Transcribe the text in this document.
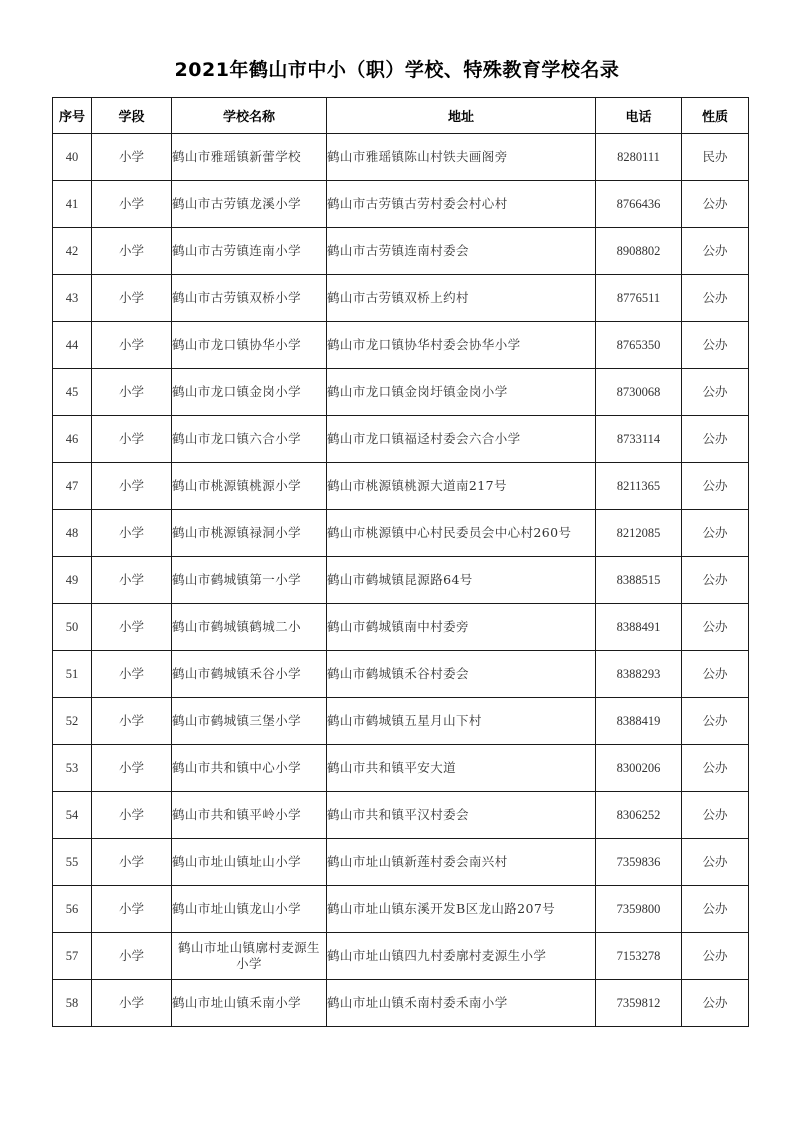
2021年鹤山市中小（职）学校、特殊教育学校名录
序号	学段	学校名称	地址	电话	性质
40	小学	鹤山市雅瑶镇新蕾学校	鹤山市雅瑶镇陈山村铁夫画阁旁	8280111	民办
41	小学	鹤山市古劳镇龙溪小学	鹤山市古劳镇古劳村委会村心村	8766436	公办
42	小学	鹤山市古劳镇连南小学	鹤山市古劳镇连南村委会	8908802	公办
43	小学	鹤山市古劳镇双桥小学	鹤山市古劳镇双桥上约村	8776511	公办
44	小学	鹤山市龙口镇协华小学	鹤山市龙口镇协华村委会协华小学	8765350	公办
45	小学	鹤山市龙口镇金岗小学	鹤山市龙口镇金岗圩镇金岗小学	8730068	公办
46	小学	鹤山市龙口镇六合小学	鹤山市龙口镇福迳村委会六合小学	8733114	公办
47	小学	鹤山市桃源镇桃源小学	鹤山市桃源镇桃源大道南217号	8211365	公办
48	小学	鹤山市桃源镇禄洞小学	鹤山市桃源镇中心村民委员会中心村260号	8212085	公办
49	小学	鹤山市鹤城镇第一小学	鹤山市鹤城镇昆源路64号	8388515	公办
50	小学	鹤山市鹤城镇鹤城二小	鹤山市鹤城镇南中村委旁	8388491	公办
51	小学	鹤山市鹤城镇禾谷小学	鹤山市鹤城镇禾谷村委会	8388293	公办
52	小学	鹤山市鹤城镇三堡小学	鹤山市鹤城镇五星月山下村	8388419	公办
53	小学	鹤山市共和镇中心小学	鹤山市共和镇平安大道	8300206	公办
54	小学	鹤山市共和镇平岭小学	鹤山市共和镇平汉村委会	8306252	公办
55	小学	鹤山市址山镇址山小学	鹤山市址山镇新莲村委会南兴村	7359836	公办
56	小学	鹤山市址山镇龙山小学	鹤山市址山镇东溪开发B区龙山路207号	7359800	公办
57	小学	鹤山市址山镇廓村麦源生小学	鹤山市址山镇四九村委廓村麦源生小学	7153278	公办
58	小学	鹤山市址山镇禾南小学	鹤山市址山镇禾南村委禾南小学	7359812	公办
